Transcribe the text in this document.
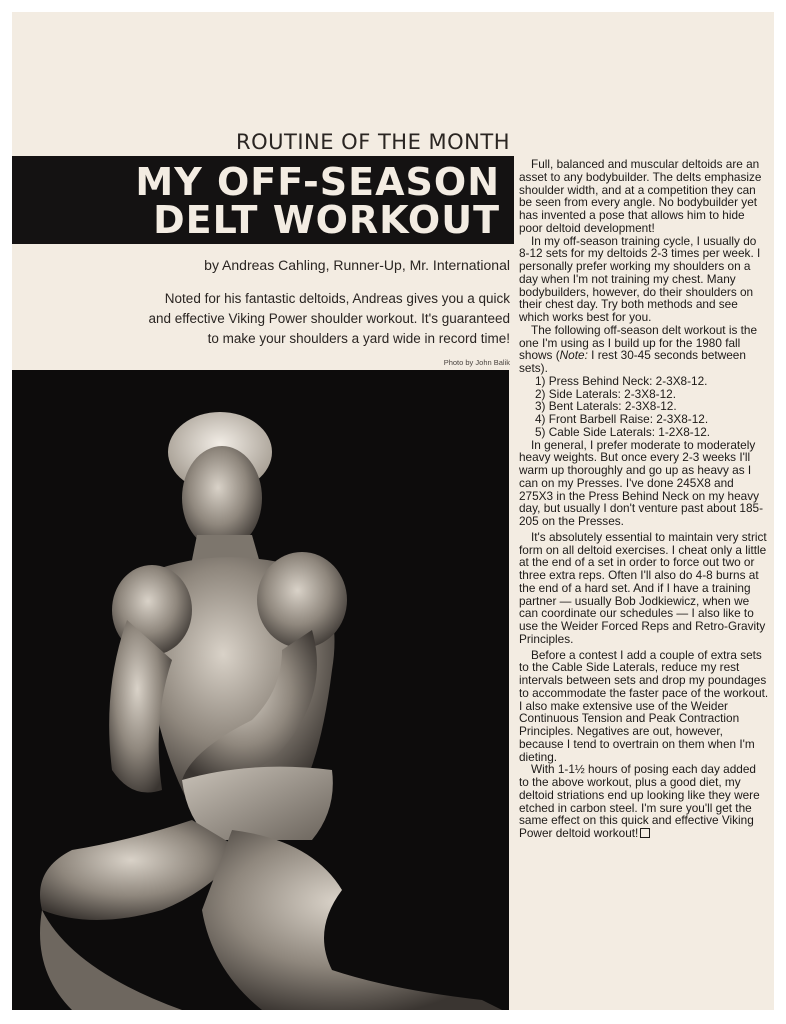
ROUTINE OF THE MONTH
MY OFF-SEASON
DELT WORKOUT
by Andreas Cahling, Runner-Up, Mr. International
Noted for his fantastic deltoids, Andreas gives you a quick
and effective Viking Power shoulder workout. It's guaranteed
to make your shoulders a yard wide in record time!
Photo by John Balik

Full, balanced and muscular deltoids are an asset to any bodybuilder. The delts emphasize shoulder width, and at a competition they can be seen from every angle. No bodybuilder yet has invented a pose that allows him to hide poor deltoid development!

In my off-season training cycle, I usually do 8-12 sets for my deltoids 2-3 times per week. I personally prefer working my shoulders on a day when I'm not training my chest. Many bodybuilders, however, do their shoulders on their chest day. Try both methods and see which works best for you.

The following off-season delt workout is the one I'm using as I build up for the 1980 fall shows (Note: I rest 30-45 seconds between sets).

1) Press Behind Neck: 2-3X8-12.
2) Side Laterals: 2-3X8-12.
3) Bent Laterals: 2-3X8-12.
4) Front Barbell Raise: 2-3X8-12.
5) Cable Side Laterals: 1-2X8-12.

In general, I prefer moderate to moderately heavy weights. But once every 2-3 weeks I'll warm up thoroughly and go up as heavy as I can on my Presses. I've done 245X8 and 275X3 in the Press Behind Neck on my heavy day, but usually I don't venture past about 185-205 on the Presses.

It's absolutely essential to maintain very strict form on all deltoid exercises. I cheat only a little at the end of a set in order to force out two or three extra reps. Often I'll also do 4-8 burns at the end of a hard set. And if I have a training partner — usually Bob Jodkiewicz, when we can coordinate our schedules — I also like to use the Weider Forced Reps and Retro-Gravity Principles.

Before a contest I add a couple of extra sets to the Cable Side Laterals, reduce my rest intervals between sets and drop my poundages to accommodate the faster pace of the workout. I also make extensive use of the Weider Continuous Tension and Peak Contraction Principles. Negatives are out, however, because I tend to overtrain on them when I'm dieting.

With 1-1½ hours of posing each day added to the above workout, plus a good diet, my deltoid striations end up looking like they were etched in carbon steel. I'm sure you'll get the same effect on this quick and effective Viking Power deltoid workout!
